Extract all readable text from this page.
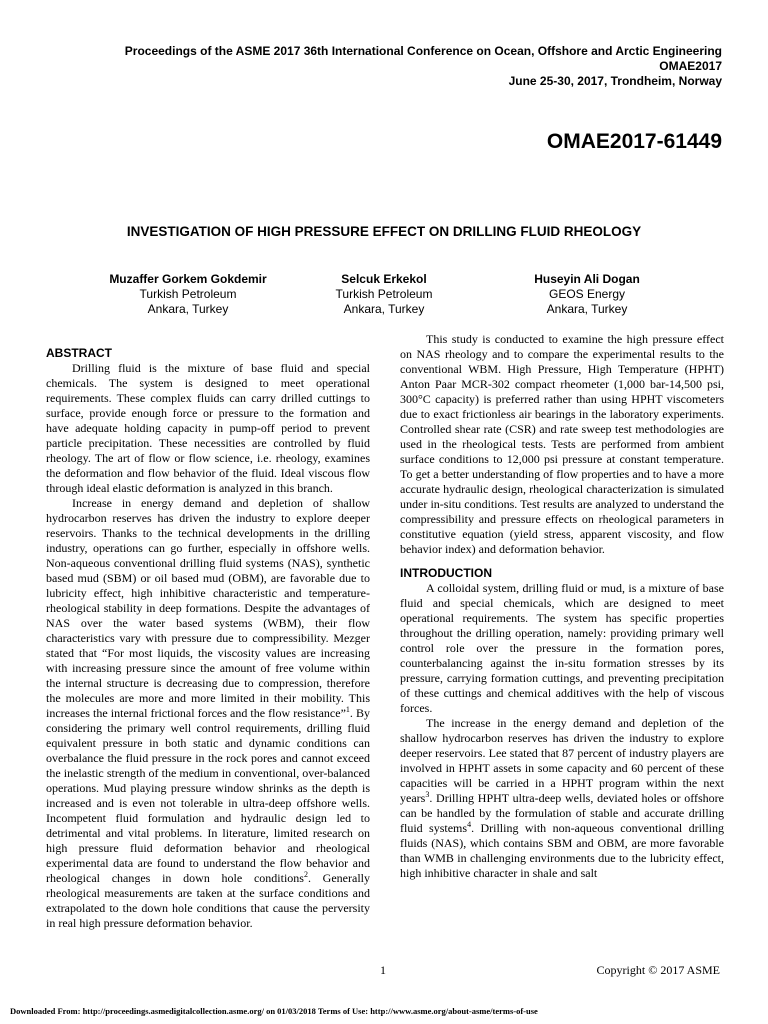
Proceedings of the ASME 2017 36th International Conference on Ocean, Offshore and Arctic Engineering
OMAE2017
June 25-30, 2017, Trondheim, Norway
OMAE2017-61449
INVESTIGATION OF HIGH PRESSURE EFFECT ON DRILLING FLUID RHEOLOGY
Muzaffer Gorkem Gokdemir
Turkish Petroleum
Ankara, Turkey
Selcuk Erkekol
Turkish Petroleum
Ankara, Turkey
Huseyin Ali Dogan
GEOS Energy
Ankara, Turkey
ABSTRACT

Drilling fluid is the mixture of base fluid and special chemicals. The system is designed to meet operational requirements. These complex fluids can carry drilled cuttings to surface, provide enough force or pressure to the formation and have adequate holding capacity in pump-off period to prevent particle precipitation. These necessities are controlled by fluid rheology. The art of flow or flow science, i.e. rheology, examines the deformation and flow behavior of the fluid. Ideal viscous flow through ideal elastic deformation is analyzed in this branch.

Increase in energy demand and depletion of shallow hydrocarbon reserves has driven the industry to explore deeper reservoirs. Thanks to the technical developments in the drilling industry, operations can go further, especially in offshore wells. Non-aqueous conventional drilling fluid systems (NAS), synthetic based mud (SBM) or oil based mud (OBM), are favorable due to lubricity effect, high inhibitive characteristic and temperature-rheological stability in deep formations. Despite the advantages of NAS over the water based systems (WBM), their flow characteristics vary with pressure due to compressibility. Mezger stated that “For most liquids, the viscosity values are increasing with increasing pressure since the amount of free volume within the internal structure is decreasing due to compression, therefore the molecules are more and more limited in their mobility. This increases the internal frictional forces and the flow resistance”$^1$. By considering the primary well control requirements, drilling fluid equivalent pressure in both static and dynamic conditions can overbalance the fluid pressure in the rock pores and cannot exceed the inelastic strength of the medium in conventional, over-balanced operations. Mud playing pressure window shrinks as the depth is increased and is even not tolerable in ultra-deep offshore wells. Incompetent fluid formulation and hydraulic design led to detrimental and vital problems. In literature, limited research on high pressure fluid deformation behavior and rheological experimental data are found to understand the flow behavior and rheological changes in down hole conditions$^2$. Generally rheological measurements are taken at the surface conditions and extrapolated to the down hole conditions that cause the perversity in real high pressure deformation behavior.

This study is conducted to examine the high pressure effect on NAS rheology and to compare the experimental results to the conventional WBM. High Pressure, High Temperature (HPHT) Anton Paar MCR-302 compact rheometer (1,000 bar-14,500 psi, 300°C capacity) is preferred rather than using HPHT viscometers due to exact frictionless air bearings in the laboratory experiments. Controlled shear rate (CSR) and rate sweep test methodologies are used in the rheological tests. Tests are performed from ambient surface conditions to 12,000 psi pressure at constant temperature. To get a better understanding of flow properties and to have a more accurate hydraulic design, rheological characterization is simulated under in-situ conditions. Test results are analyzed to understand the compressibility and pressure effects on rheological parameters in constitutive equation (yield stress, apparent viscosity, and flow behavior index) and deformation behavior.

INTRODUCTION

A colloidal system, drilling fluid or mud, is a mixture of base fluid and special chemicals, which are designed to meet operational requirements. The system has specific properties throughout the drilling operation, namely: providing primary well control role over the pressure in the formation pores, counterbalancing against the in-situ formation stresses by its pressure, carrying formation cuttings, and preventing precipitation of these cuttings and chemical additives with the help of viscous forces.

The increase in the energy demand and depletion of the shallow hydrocarbon reserves has driven the industry to explore deeper reservoirs. Lee stated that 87 percent of industry players are involved in HPHT assets in some capacity and 60 percent of these capacities will be carried in a HPHT program within the next years$^3$. Drilling HPHT ultra-deep wells, deviated holes or offshore can be handled by the formulation of stable and accurate drilling fluid systems$^4$. Drilling with non-aqueous conventional drilling fluids (NAS), which contains SBM and OBM, are more favorable than WMB in challenging environments due to the lubricity effect, high inhibitive character in shale and salt

1	Copyright © 2017 ASME
Downloaded From: http://proceedings.asmedigitalcollection.asme.org/ on 01/03/2018 Terms of Use: http://www.asme.org/about-asme/terms-of-use
